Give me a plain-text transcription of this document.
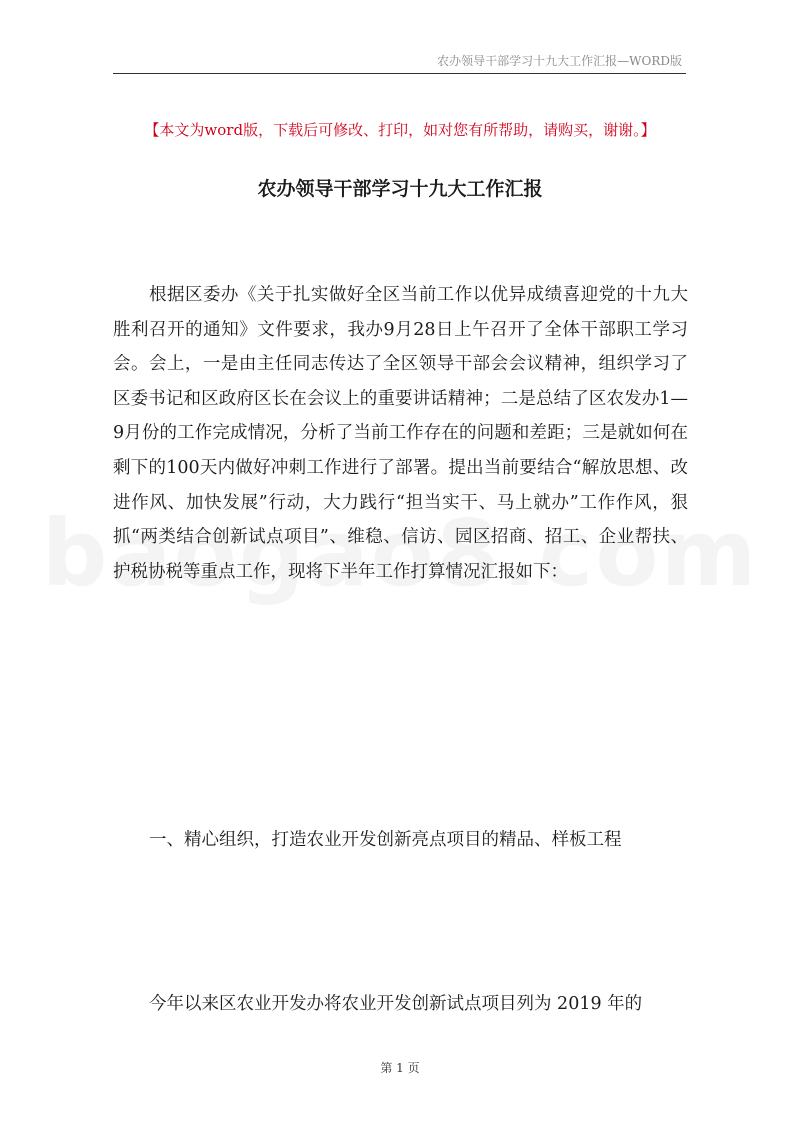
农办领导干部学习十九大工作汇报—WORD版
【本文为word版，下载后可修改、打印，如对您有所帮助，请购买，谢谢。】
农办领导干部学习十九大工作汇报

根据区委办《关于扎实做好全区当前工作以优异成绩喜迎党的十九大胜利召开的通知》文件要求，我办9月28日上午召开了全体干部职工学习会。会上，一是由主任同志传达了全区领导干部会会议精神，组织学习了区委书记和区政府区长在会议上的重要讲话精神；二是总结了区农发办1—9月份的工作完成情况，分析了当前工作存在的问题和差距；三是就如何在剩下的100天内做好冲刺工作进行了部署。提出当前要结合“解放思想、改进作风、加快发展”行动，大力践行“担当实干、马上就办”工作作风，狠抓“两类结合创新试点项目”、维稳、信访、园区招商、招工、企业帮扶、护税协税等重点工作，现将下半年工作打算情况汇报如下：

一、精心组织，打造农业开发创新亮点项目的精品、样板工程
今年以来区农业开发办将农业开发创新试点项目列为 2019 年的
第 1 页
